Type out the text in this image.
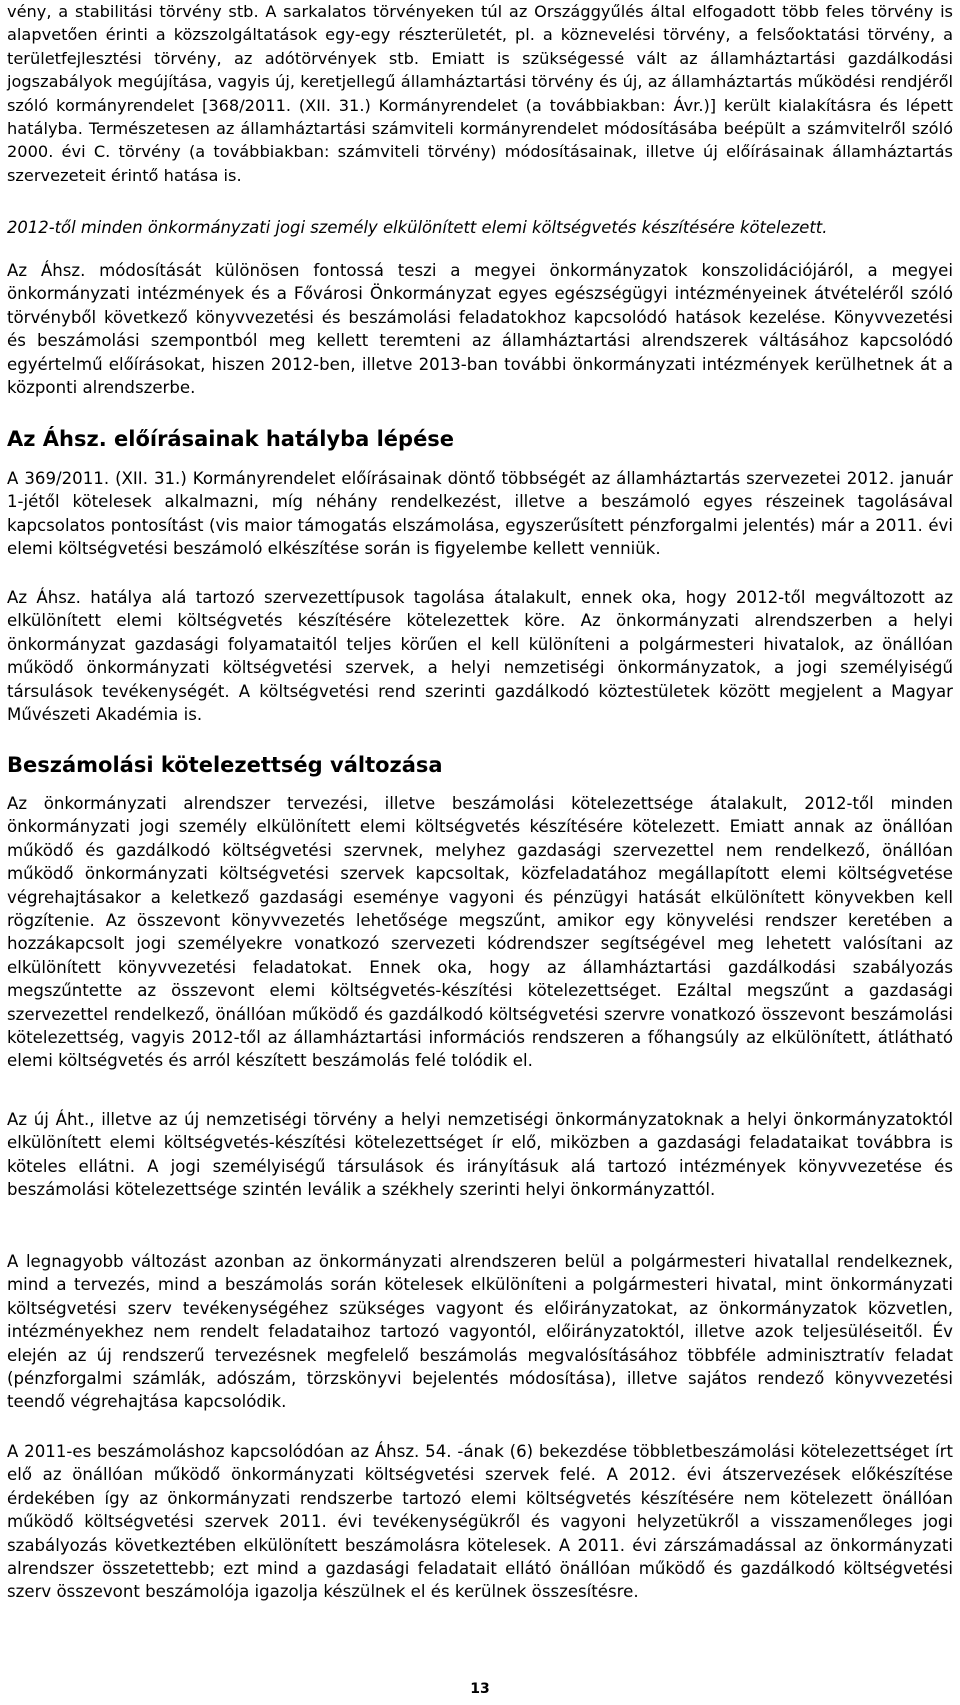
vény, a stabilitási törvény stb. A sarkalatos törvényeken túl az Országgyűlés által elfogadott több feles törvény is alapvetően érinti a közszolgáltatások egy-egy részterületét, pl. a köznevelési törvény, a felsőoktatási törvény, a területfejlesztési törvény, az adótörvények stb. Emiatt is szükségessé vált az államháztartási gazdálkodási jogszabályok megújítása, vagyis új, keretjellegű államháztartási törvény és új, az államháztartás működési rendjéről szóló kormányrendelet [368/2011. (XII. 31.) Kormányrendelet (a továbbiakban: Ávr.)] került kialakításra és lépett hatályba. Természetesen az államháztartási számviteli kormányrendelet módosításába beépült a számvitelről szóló 2000. évi C. törvény (a továbbiakban: számviteli törvény) módosításainak, illetve új előírásainak államháztartás szervezeteit érintő hatása is.

2012-től minden önkormányzati jogi személy elkülönített elemi költségvetés készítésére kötelezett.

Az Áhsz. módosítását különösen fontossá teszi a megyei önkormányzatok konszolidációjáról, a megyei önkormányzati intézmények és a Fővárosi Önkormányzat egyes egészségügyi intézményeinek átvételéről szóló törvényből következő könyvvezetési és beszámolási feladatokhoz kapcsolódó hatások kezelése. Könyvvezetési és beszámolási szempontból meg kellett teremteni az államháztartási alrendszerek váltásához kapcsolódó egyértelmű előírásokat, hiszen 2012-ben, illetve 2013-ban további önkormányzati intézmények kerülhetnek át a központi alrendszerbe.

Az Áhsz. előírásainak hatályba lépése

A 369/2011. (XII. 31.) Kormányrendelet előírásainak döntő többségét az államháztartás szervezetei 2012. január 1-jétől kötelesek alkalmazni, míg néhány rendelkezést, illetve a beszámoló egyes részeinek tagolásával kapcsolatos pontosítást (vis maior támogatás elszámolása, egyszerűsített pénzforgalmi jelentés) már a 2011. évi elemi költségvetési beszámoló elkészítése során is figyelembe kellett venniük.

Az Áhsz. hatálya alá tartozó szervezettípusok tagolása átalakult, ennek oka, hogy 2012-től megváltozott az elkülönített elemi költségvetés készítésére kötelezettek köre. Az önkormányzati alrendszerben a helyi önkormányzat gazdasági folyamataitól teljes körűen el kell különíteni a polgármesteri hivatalok, az önállóan működő önkormányzati költségvetési szervek, a helyi nemzetiségi önkormányzatok, a jogi személyiségű társulások tevékenységét. A költségvetési rend szerinti gazdálkodó köztestületek között megjelent a Magyar Művészeti Akadémia is.

Beszámolási kötelezettség változása

Az önkormányzati alrendszer tervezési, illetve beszámolási kötelezettsége átalakult, 2012-től minden önkormányzati jogi személy elkülönített elemi költségvetés készítésére kötelezett. Emiatt annak az önállóan működő és gazdálkodó költségvetési szervnek, melyhez gazdasági szervezettel nem rendelkező, önállóan működő önkormányzati költségvetési szervek kapcsoltak, közfeladatához megállapított elemi költségvetése végrehajtásakor a keletkező gazdasági eseménye vagyoni és pénzügyi hatását elkülönített könyvekben kell rögzítenie. Az összevont könyvvezetés lehetősége megszűnt, amikor egy könyvelési rendszer keretében a hozzákapcsolt jogi személyekre vonatkozó szervezeti kódrendszer segítségével meg lehetett valósítani az elkülönített könyvvezetési feladatokat. Ennek oka, hogy az államháztartási gazdálkodási szabályozás megszűntette az összevont elemi költségvetés-készítési kötelezettséget. Ezáltal megszűnt a gazdasági szervezettel rendelkező, önállóan működő és gazdálkodó költségvetési szervre vonatkozó összevont beszámolási kötelezettség, vagyis 2012-től az államháztartási információs rendszeren a főhangsúly az elkülönített, átlátható elemi költségvetés és arról készített beszámolás felé tolódik el.

Az új Áht., illetve az új nemzetiségi törvény a helyi nemzetiségi önkormányzatoknak a helyi önkormányzatoktól elkülönített elemi költségvetés-készítési kötelezettséget ír elő, miközben a gazdasági feladataikat továbbra is köteles ellátni. A jogi személyiségű társulások és irányításuk alá tartozó intézmények könyvvezetése és beszámolási kötelezettsége szintén leválik a székhely szerinti helyi önkormányzattól.

A legnagyobb változást azonban az önkormányzati alrendszeren belül a polgármesteri hivatallal rendelkeznek, mind a tervezés, mind a beszámolás során kötelesek elkülöníteni a polgármesteri hivatal, mint önkormányzati költségvetési szerv tevékenységéhez szükséges vagyont és előirányzatokat, az önkormányzatok közvetlen, intézményekhez nem rendelt feladataihoz tartozó vagyontól, előirányzatoktól, illetve azok teljesüléseitől. Év elején az új rendszerű tervezésnek megfelelő beszámolás megvalósításához többféle adminisztratív feladat (pénzforgalmi számlák, adószám, törzskönyvi bejelentés módosítása), illetve sajátos rendező könyvvezetési teendő végrehajtása kapcsolódik.

A 2011-es beszámoláshoz kapcsolódóan az Áhsz. 54. -ának (6) bekezdése többletbeszámolási kötelezettséget írt elő az önállóan működő önkormányzati költségvetési szervek felé. A 2012. évi átszervezések előkészítése érdekében így az önkormányzati rendszerbe tartozó elemi költségvetés készítésére nem kötelezett önállóan működő költségvetési szervek 2011. évi tevékenységükről és vagyoni helyzetükről a visszamenőleges jogi szabályozás következtében elkülönített beszámolásra kötelesek. A 2011. évi zárszámadással az önkormányzati alrendszer összetettebb; ezt mind a gazdasági feladatait ellátó önállóan működő és gazdálkodó költségvetési szerv összevont beszámolója igazolja készülnek el és kerülnek összesítésre.

13
